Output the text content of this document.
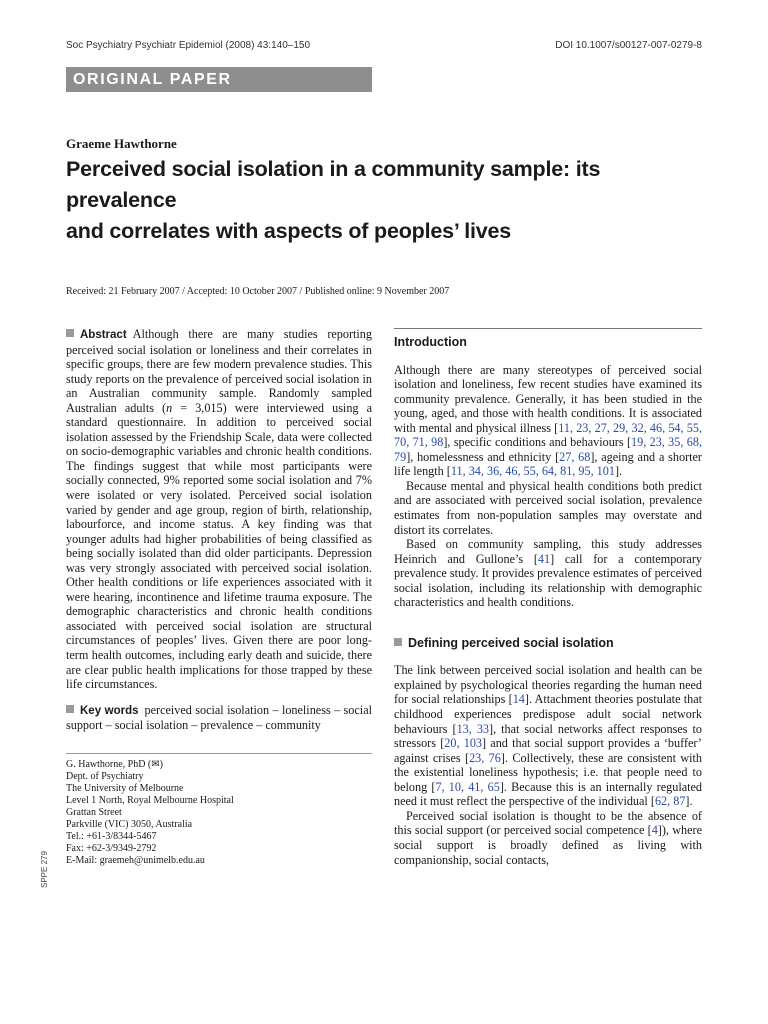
Soc Psychiatry Psychiatr Epidemiol (2008) 43:140–150	DOI 10.1007/s00127-007-0279-8
ORIGINAL PAPER
Graeme Hawthorne
Perceived social isolation in a community sample: its prevalence
and correlates with aspects of peoples’ lives
Received: 21 February 2007 / Accepted: 10 October 2007 / Published online: 9 November 2007

Abstract Although there are many studies reporting perceived social isolation or loneliness and their correlates in specific groups, there are few modern prevalence studies. This study reports on the prevalence of perceived social isolation in an Australian community sample. Randomly sampled Australian adults (n = 3,015) were interviewed using a standard questionnaire. In addition to perceived social isolation assessed by the Friendship Scale, data were collected on socio-demographic variables and chronic health conditions. The findings suggest that while most participants were socially connected, 9% reported some social isolation and 7% were isolated or very isolated. Perceived social isolation varied by gender and age group, region of birth, relationship, labourforce, and income status. A key finding was that younger adults had higher probabilities of being classified as being socially isolated than did older participants. Depression was very strongly associated with perceived social isolation. Other health conditions or life experiences associated with it were hearing, incontinence and lifetime trauma exposure. The demographic characteristics and chronic health conditions associated with perceived social isolation are structural circumstances of peoples’ lives. Given there are poor long-term health outcomes, including early death and suicide, there are clear public health implications for those trapped by these life circumstances.

Key words perceived social isolation – loneliness – social support – social isolation – prevalence – community

G. Hawthorne, PhD (✉)
Dept. of Psychiatry
The University of Melbourne
Level 1 North, Royal Melbourne Hospital
Grattan Street
Parkville (VIC) 3050, Australia
Tel.: +61-3/8344-5467
Fax: +62-3/9349-2792
E-Mail: graemeh@unimelb.edu.au
SPPE 279
Introduction

Although there are many stereotypes of perceived social isolation and loneliness, few recent studies have examined its community prevalence. Generally, it has been studied in the young, aged, and those with health conditions. It is associated with mental and physical illness [11, 23, 27, 29, 32, 46, 54, 55, 70, 71, 98], specific conditions and behaviours [19, 23, 35, 68, 79], homelessness and ethnicity [27, 68], ageing and a shorter life length [11, 34, 36, 46, 55, 64, 81, 95, 101].

Because mental and physical health conditions both predict and are associated with perceived social isolation, prevalence estimates from non-population samples may overstate and distort its correlates.

Based on community sampling, this study addresses Heinrich and Gullone’s [41] call for a contemporary prevalence study. It provides prevalence estimates of perceived social isolation, including its relationship with demographic characteristics and health conditions.

Defining perceived social isolation

The link between perceived social isolation and health can be explained by psychological theories regarding the human need for social relationships [14]. Attachment theories postulate that childhood experiences predispose adult social network behaviours [13, 33], that social networks affect responses to stressors [20, 103] and that social support provides a ‘buffer’ against crises [23, 76]. Collectively, these are consistent with the existential loneliness hypothesis; i.e. that people need to belong [7, 10, 41, 65]. Because this is an internally regulated need it must reflect the perspective of the individual [62, 87].

Perceived social isolation is thought to be the absence of this social support (or perceived social competence [4]), where social support is broadly defined as living with companionship, social contacts,
